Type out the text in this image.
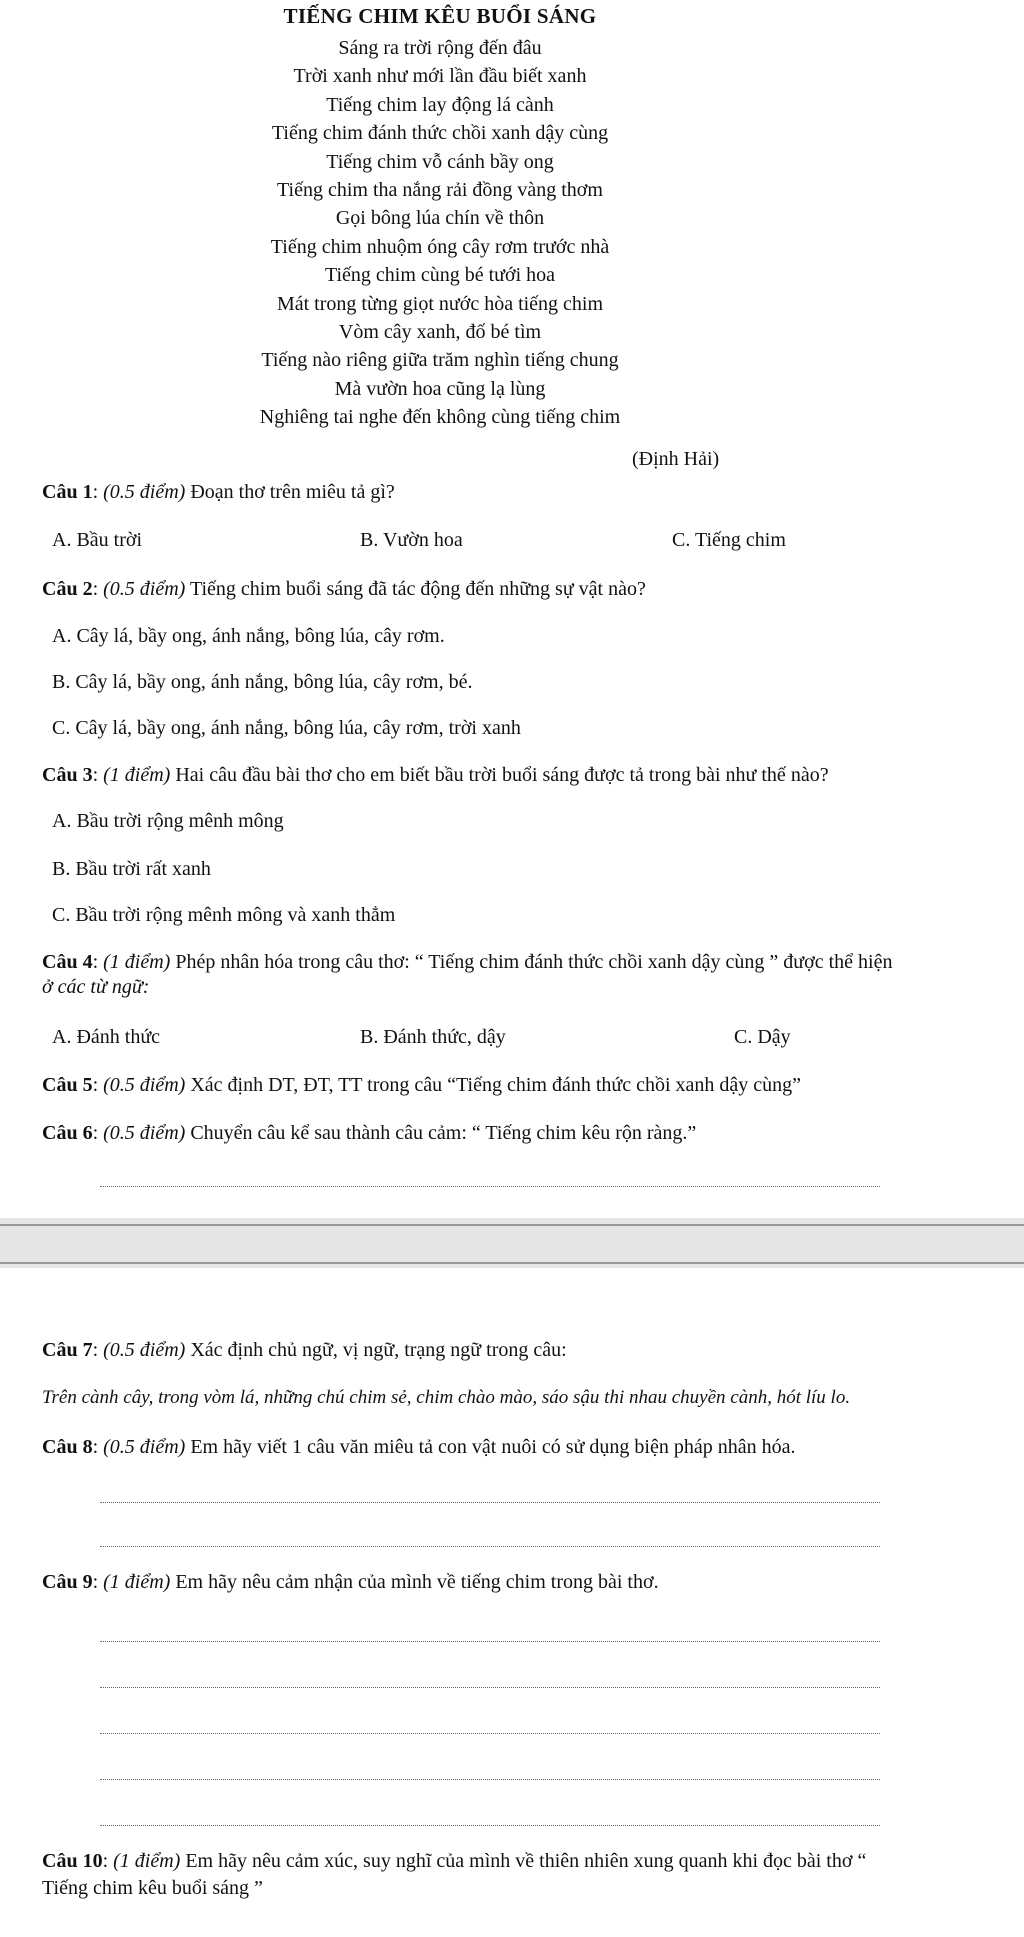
TIẾNG CHIM KÊU BUỔI SÁNG
Sáng ra trời rộng đến đâu
Trời xanh như mới lần đầu biết xanh
Tiếng chim lay động lá cành
Tiếng chim đánh thức chồi xanh dậy cùng
Tiếng chim vỗ cánh bầy ong
Tiếng chim tha nắng rải đồng vàng thơm
Gọi bông lúa chín về thôn
Tiếng chim nhuộm óng cây rơm trước nhà
Tiếng chim cùng bé tưới hoa
Mát trong từng giọt nước hòa tiếng chim
Vòm cây xanh, đố bé tìm
Tiếng nào riêng giữa trăm nghìn tiếng chung
Mà vườn hoa cũng lạ lùng
Nghiêng tai nghe đến không cùng tiếng chim
(Định Hải)
Câu 1: (0.5 điểm) Đoạn thơ trên miêu tả gì?
A. Bầu trời	B. Vườn hoa	C. Tiếng chim
Câu 2: (0.5 điểm) Tiếng chim buổi sáng đã tác động đến những sự vật nào?
A. Cây lá, bầy ong, ánh nắng, bông lúa, cây rơm.
B. Cây lá, bầy ong, ánh nắng, bông lúa, cây rơm, bé.
C. Cây lá, bầy ong, ánh nắng, bông lúa, cây rơm, trời xanh
Câu 3: (1 điểm) Hai câu đầu bài thơ cho em biết bầu trời buổi sáng được tả trong bài như thế nào?
A. Bầu trời rộng mênh mông
B. Bầu trời rất xanh
C. Bầu trời rộng mênh mông và xanh thẳm
Câu 4: (1 điểm) Phép nhân hóa trong câu thơ: “ Tiếng chim đánh thức chồi xanh dậy cùng ” được thể hiện
ở các từ ngữ:
A. Đánh thức	B. Đánh thức, dậy	C. Dậy
Câu 5: (0.5 điểm) Xác định DT, ĐT, TT trong câu “Tiếng chim đánh thức chồi xanh dậy cùng”
Câu 6: (0.5 điểm) Chuyển câu kể sau thành câu cảm: “ Tiếng chim kêu rộn ràng.”
Câu 7: (0.5 điểm) Xác định chủ ngữ, vị ngữ, trạng ngữ trong câu:
Trên cành cây, trong vòm lá, những chú chim sẻ, chim chào mào, sáo sậu thi nhau chuyền cành, hót líu lo.
Câu 8: (0.5 điểm) Em hãy viết 1 câu văn miêu tả con vật nuôi có sử dụng biện pháp nhân hóa.
Câu 9: (1 điểm) Em hãy nêu cảm nhận của mình về tiếng chim trong bài thơ.
Câu 10: (1 điểm) Em hãy nêu cảm xúc, suy nghĩ của mình về thiên nhiên xung quanh khi đọc bài thơ “
Tiếng chim kêu buổi sáng ”
